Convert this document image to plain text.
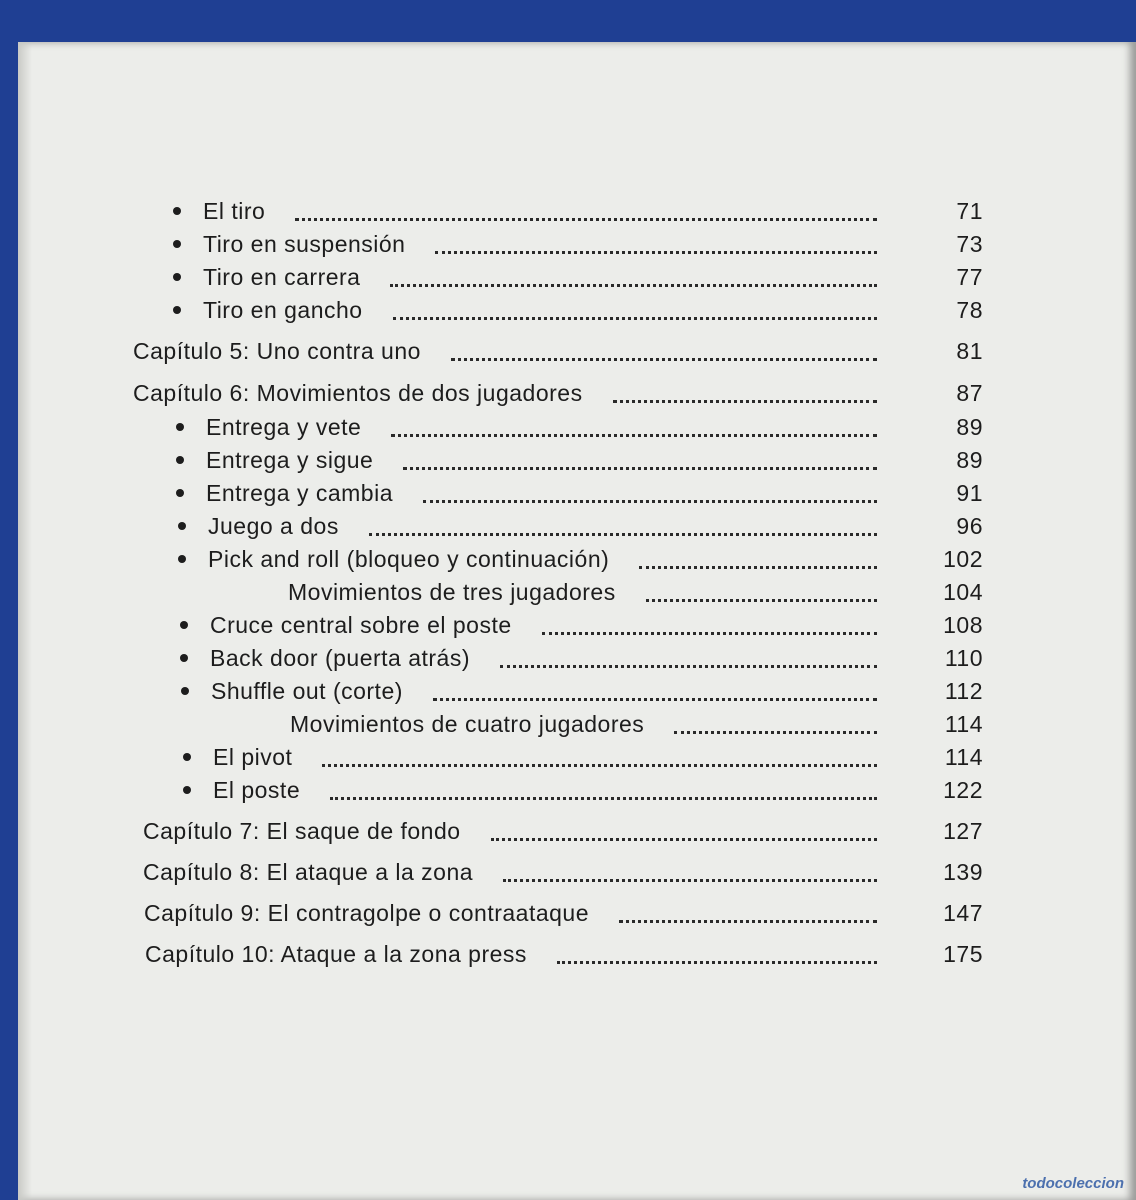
El tiro	71
Tiro en suspensión	73
Tiro en carrera	77
Tiro en gancho	78
Capítulo 5: Uno contra uno	81
Capítulo 6: Movimientos de dos jugadores	87
Entrega y vete	89
Entrega y sigue	89
Entrega y cambia	91
Juego a dos	96
Pick and roll (bloqueo y continuación)	102
Movimientos de tres jugadores	104
Cruce central sobre el poste	108
Back door (puerta atrás)	110
Shuffle out (corte)	112
Movimientos de cuatro jugadores	114
El pivot	114
El poste	122
Capítulo 7: El saque de fondo	127
Capítulo 8: El ataque a la zona	139
Capítulo 9: El contragolpe o contraataque	147
Capítulo 10: Ataque a la zona press	175
todocoleccion
